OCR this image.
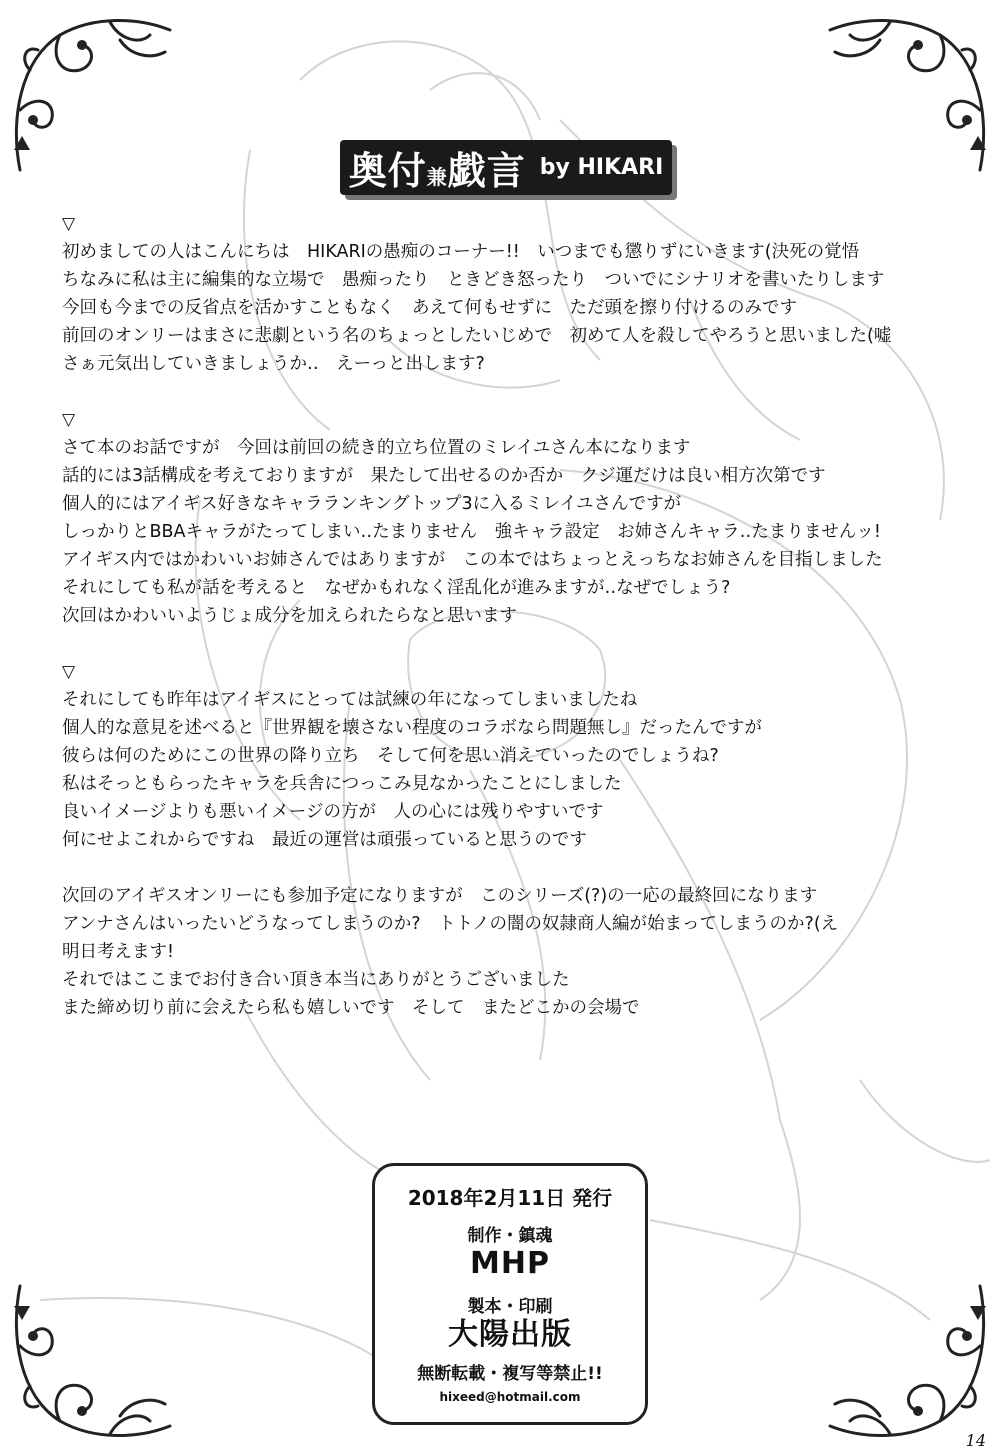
奥付兼戯言 by HIKARI
▽
初めましての人はこんにちは　HIKARIの愚痴のコーナー!!　いつまでも懲りずにいきます(決死の覚悟
ちなみに私は主に編集的な立場で　愚痴ったり　ときどき怒ったり　ついでにシナリオを書いたりします
今回も今までの反省点を活かすこともなく　あえて何もせずに　ただ頭を擦り付けるのみです
前回のオンリーはまさに悲劇という名のちょっとしたいじめで　初めて人を殺してやろうと思いました(嘘
さぁ元気出していきましょうか‥　えーっと出します?
▽
さて本のお話ですが　今回は前回の続き的立ち位置のミレイユさん本になります
話的には3話構成を考えておりますが　果たして出せるのか否か　クジ運だけは良い相方次第です
個人的にはアイギス好きなキャラランキングトップ3に入るミレイユさんですが
しっかりとBBAキャラがたってしまい‥たまりません　強キャラ設定　お姉さんキャラ‥たまりませんッ!
アイギス内ではかわいいお姉さんではありますが　この本ではちょっとえっちなお姉さんを目指しました
それにしても私が話を考えると　なぜかもれなく淫乱化が進みますが‥なぜでしょう?
次回はかわいいようじょ成分を加えられたらなと思います
▽
それにしても昨年はアイギスにとっては試練の年になってしまいましたね
個人的な意見を述べると『世界観を壊さない程度のコラボなら問題無し』だったんですが
彼らは何のためにこの世界の降り立ち　そして何を思い消えていったのでしょうね?
私はそっともらったキャラを兵舎につっこみ見なかったことにしました
良いイメージよりも悪いイメージの方が　人の心には残りやすいです
何にせよこれからですね　最近の運営は頑張っていると思うのです
次回のアイギスオンリーにも参加予定になりますが　このシリーズ(?)の一応の最終回になります
アンナさんはいったいどうなってしまうのか?　トトノの闇の奴隷商人編が始まってしまうのか?(え
明日考えます!
それではここまでお付き合い頂き本当にありがとうございました
また締め切り前に会えたら私も嬉しいです　そして　またどこかの会場で
2018年2月11日 発行
制作・鎮魂
MHP
製本・印刷
大陽出版
無断転載・複写等禁止!!
hixeed@hotmail.com
14
